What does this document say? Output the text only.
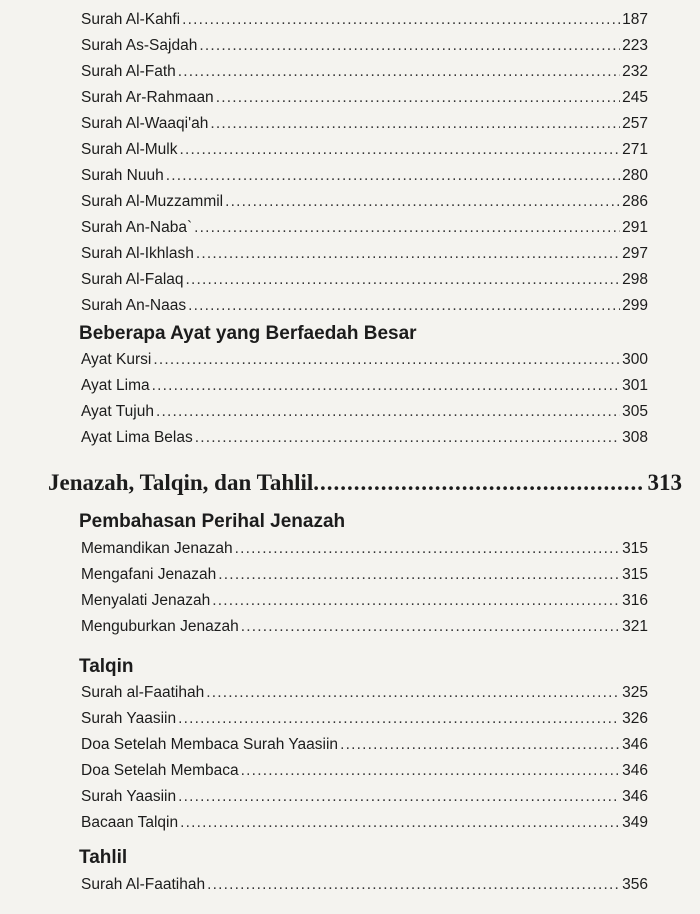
Surah Al-Kahfi .....	187
Surah As-Sajdah .....	223
Surah Al-Fath .....	232
Surah Ar-Rahmaan .....	245
Surah Al-Waaqi'ah .....	257
Surah Al-Mulk .....	271
Surah Nuuh .....	280
Surah Al-Muzzammil .....	286
Surah An-Naba` .....	291
Surah Al-Ikhlash .....	297
Surah Al-Falaq .....	298
Surah An-Naas .....	299
Beberapa Ayat yang Berfaedah Besar
Ayat Kursi .....	300
Ayat Lima .....	301
Ayat Tujuh .....	305
Ayat Lima Belas .....	308
Jenazah, Talqin, dan Tahlil .....	313
Pembahasan Perihal Jenazah
Memandikan Jenazah .....	315
Mengafani Jenazah .....	315
Menyalati Jenazah .....	316
Menguburkan Jenazah .....	321
Talqin
Surah al-Faatihah .....	325
Surah Yaasiin .....	326
Doa Setelah Membaca Surah Yaasiin .....	346
Doa Setelah Membaca .....	346
Surah Yaasiin .....	346
Bacaan Talqin .....	349
Tahlil
Surah Al-Faatihah .....	356
